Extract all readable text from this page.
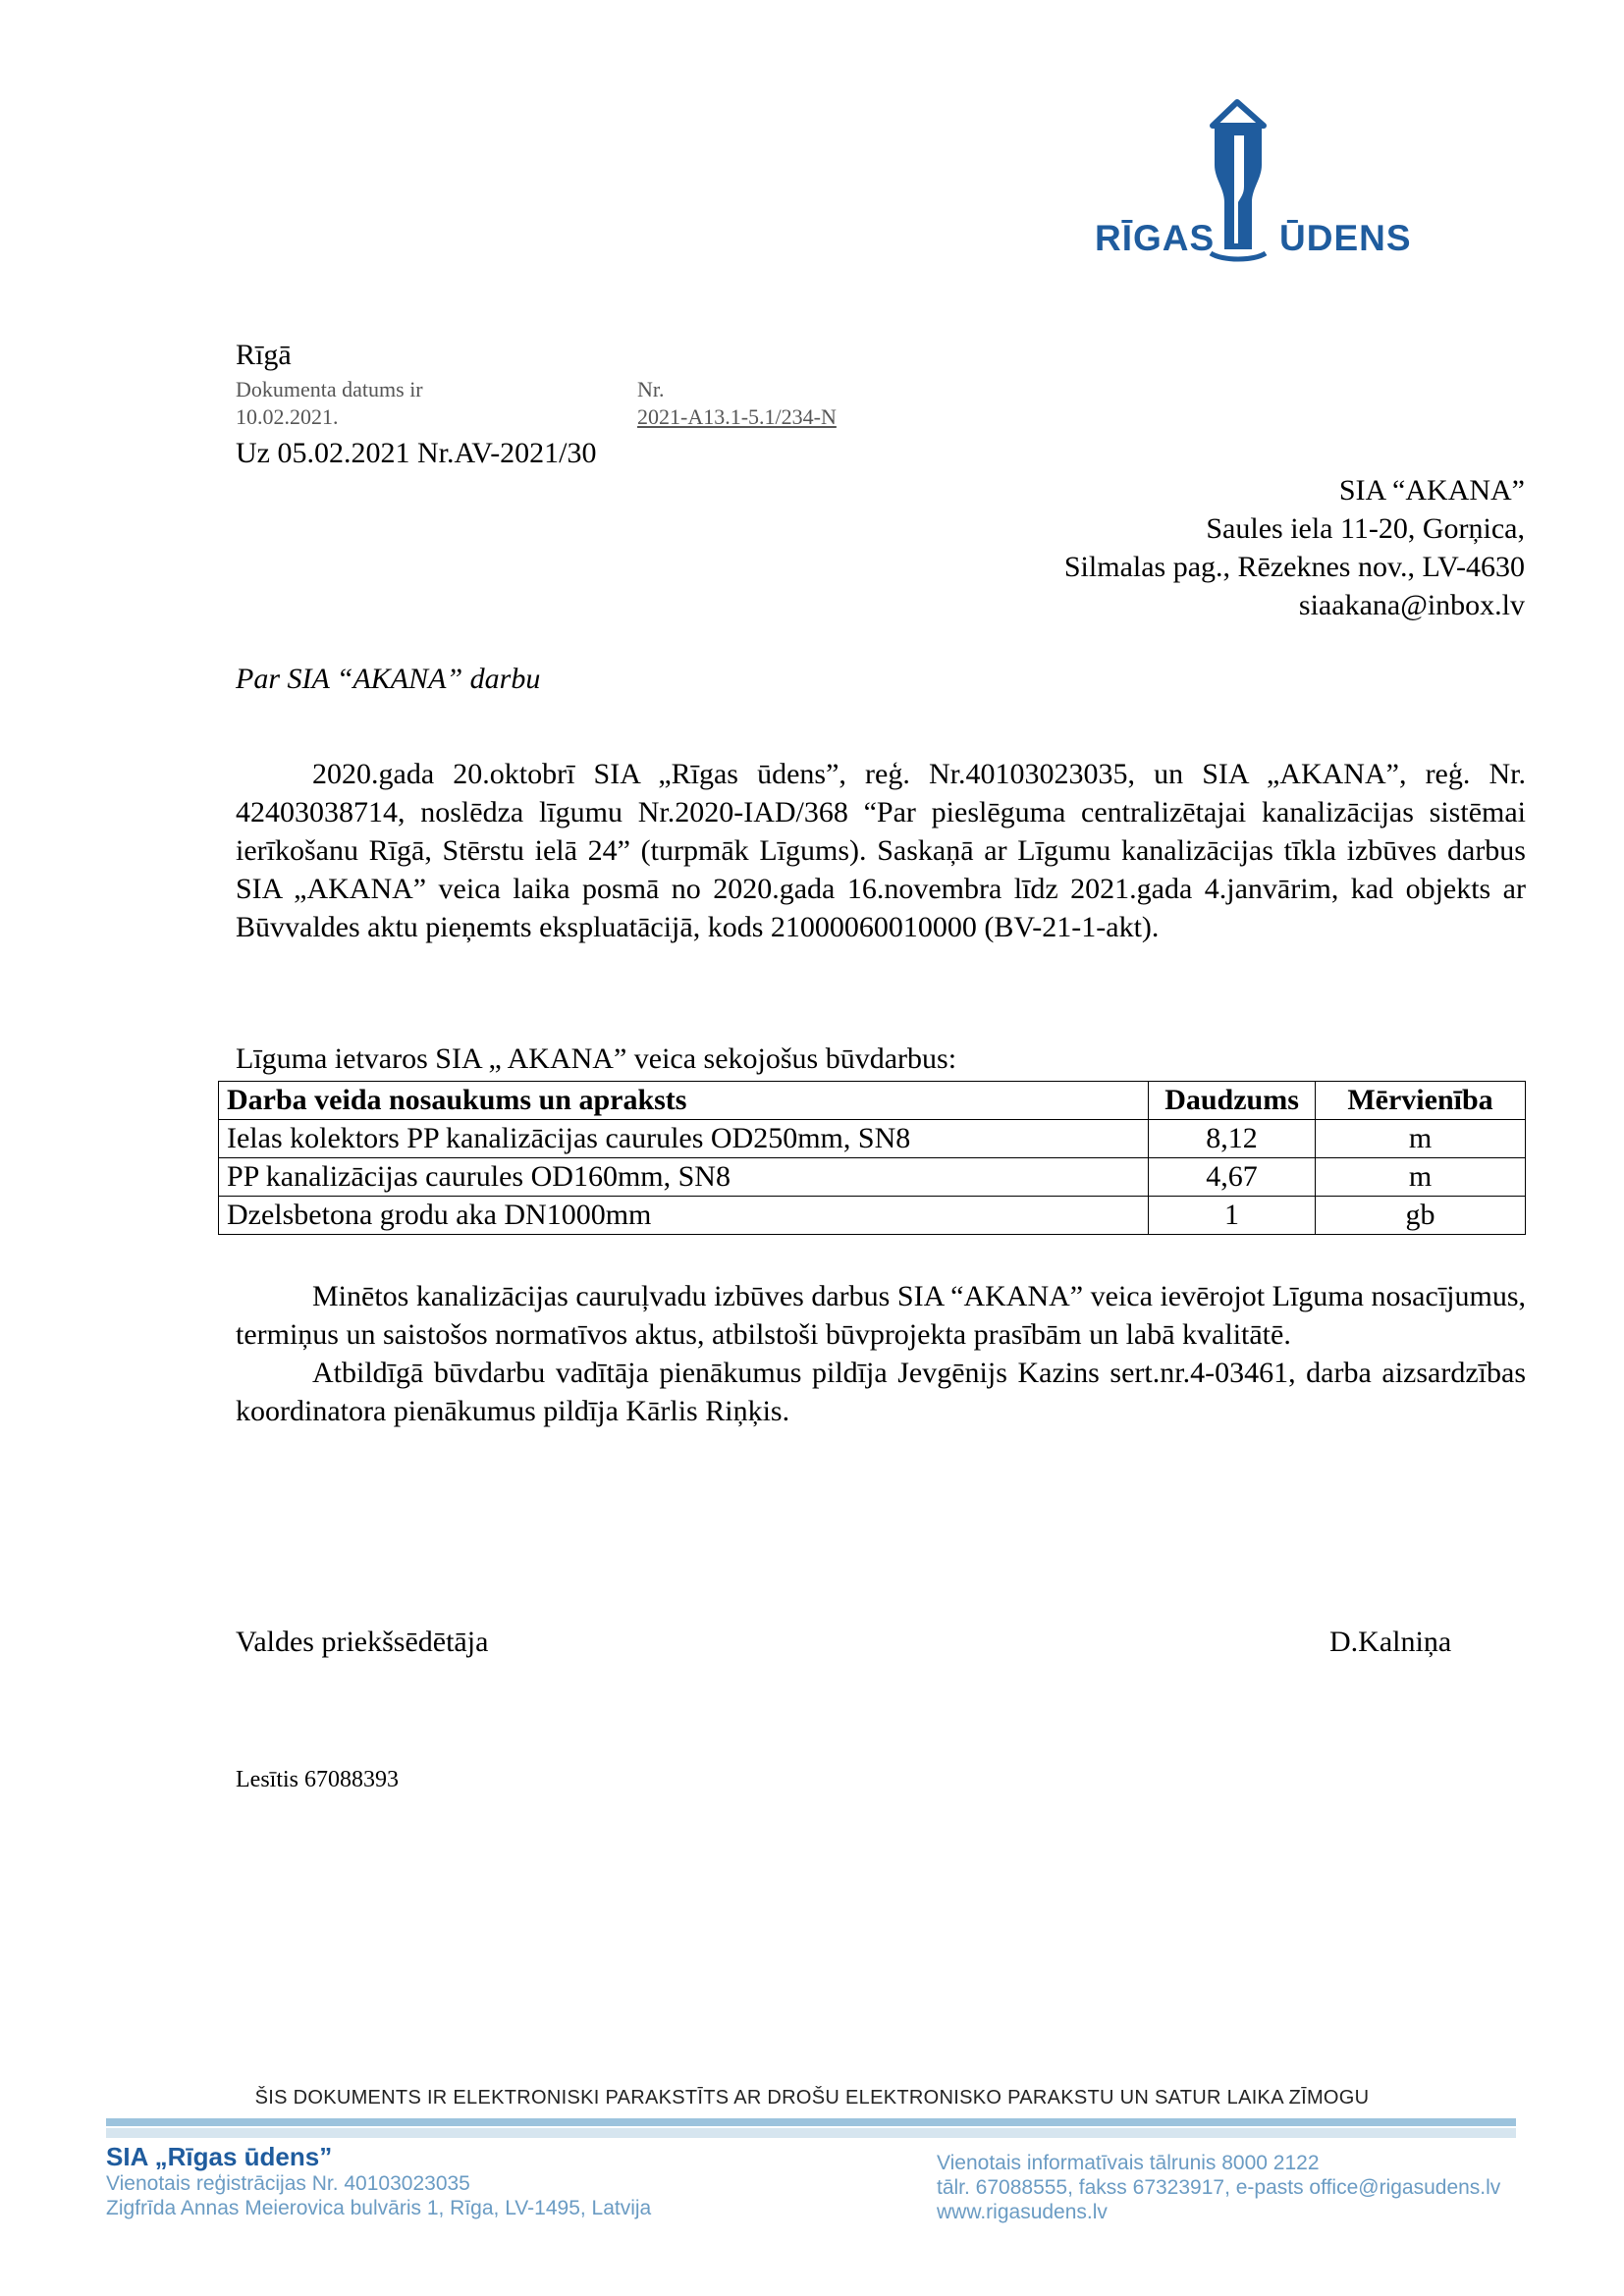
RĪGAS ŪDENS
Rīgā
Dokumenta datums ir
10.02.2021.
Nr.
2021-A13.1-5.1/234-N
Uz 05.02.2021 Nr.AV-2021/30
SIA “AKANA”
Saules iela 11-20, Gorņica,
Silmalas pag., Rēzeknes nov., LV-4630
siaakana@inbox.lv
Par SIA “AKANA” darbu

2020.gada 20.oktobrī SIA „Rīgas ūdens”, reģ. Nr.40103023035, un SIA „AKANA”, reģ. Nr. 42403038714, noslēdza līgumu Nr.2020-IAD/368 “Par pieslēguma centralizētajai kanalizācijas sistēmai ierīkošanu Rīgā, Stērstu ielā 24” (turpmāk Līgums). Saskaņā ar Līgumu kanalizācijas tīkla izbūves darbus SIA „AKANA” veica laika posmā no 2020.gada 16.novembra līdz 2021.gada 4.janvārim, kad objekts ar Būvvaldes aktu pieņemts ekspluatācijā, kods 21000060010000 (BV-21-1-akt).

Līguma ietvaros SIA „ AKANA” veica sekojošus būvdarbus:
Darba veida nosaukums un apraksts	Daudzums	Mērvienība
Ielas kolektors PP kanalizācijas caurules OD250mm, SN8	8,12	m
PP kanalizācijas caurules OD160mm, SN8	4,67	m
Dzelsbetona grodu aka DN1000mm	1	gb

Minētos kanalizācijas cauruļvadu izbūves darbus SIA “AKANA” veica ievērojot Līguma nosacījumus, termiņus un saistošos normatīvos aktus, atbilstoši būvprojekta prasībām un labā kvalitātē.

Atbildīgā būvdarbu vadītāja pienākumus pildīja Jevgēnijs Kazins sert.nr.4-03461, darba aizsardzības koordinatora pienākumus pildīja Kārlis Riņķis.

Valdes priekšsēdētāja	D.Kalniņa
Lesītis 67088393
ŠIS DOKUMENTS IR ELEKTRONISKI PARAKSTĪTS AR DROŠU ELEKTRONISKO PARAKSTU UN SATUR LAIKA ZĪMOGU
SIA „Rīgas ūdens”
Vienotais reģistrācijas Nr. 40103023035
Zigfrīda Annas Meierovica bulvāris 1, Rīga, LV-1495, Latvija
Vienotais informatīvais tālrunis 8000 2122
tālr. 67088555, fakss 67323917, e-pasts office@rigasudens.lv
www.rigasudens.lv
